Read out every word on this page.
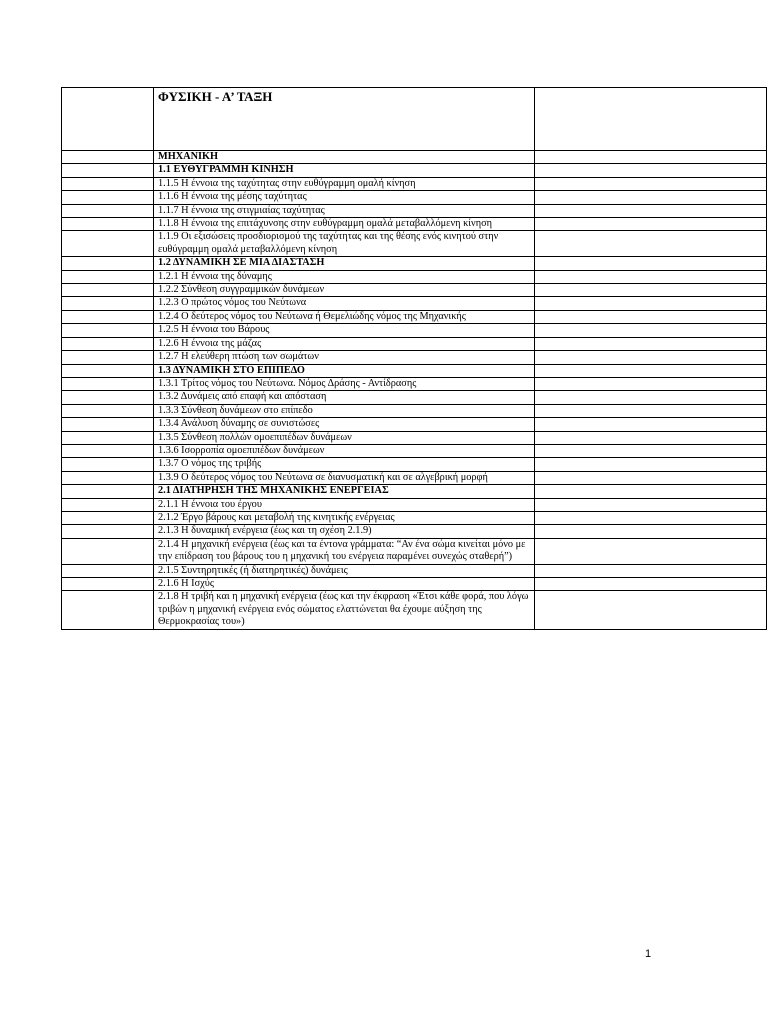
	ΦΥΣΙΚΗ - Α’ ΤΑΞΗ	
	ΜΗΧΑΝΙΚΗ	
	1.1 ΕΥΘΥΓΡΑΜΜΗ ΚΙΝΗΣΗ	
	1.1.5 Η έννοια της ταχύτητας στην ευθύγραμμη ομαλή κίνηση	
	1.1.6 Η έννοια της μέσης ταχύτητας	
	1.1.7 Η έννοια της στιγμιαίας ταχύτητας	
	1.1.8 Η έννοια της επιτάχυνσης στην ευθύγραμμη ομαλά μεταβαλλόμενη κίνηση	
	1.1.9 Οι εξισώσεις προσδιορισμού της ταχύτητας και της θέσης ενός κινητού στην ευθύγραμμη ομαλά μεταβαλλόμενη κίνηση	
	1.2 ΔΥΝΑΜΙΚΗ ΣΕ ΜΙΑ ΔΙΑΣΤΑΣΗ	
	1.2.1 Η έννοια της δύναμης	
	1.2.2 Σύνθεση συγγραμμικών δυνάμεων	
	1.2.3 Ο πρώτος νόμος του Νεύτωνα	
	1.2.4 Ο δεύτερος νόμος του Νεύτωνα ή Θεμελιώδης νόμος της Μηχανικής	
	1.2.5 Η έννοια του Βάρους	
	1.2.6 Η έννοια της μάζας	
	1.2.7 Η ελεύθερη πτώση των σωμάτων	
	1.3 ΔΥΝΑΜΙΚΗ ΣΤΟ ΕΠΙΠΕΔΟ	
	1.3.1 Τρίτος νόμος του Νεύτωνα. Νόμος Δράσης - Αντίδρασης	
	1.3.2 Δυνάμεις από επαφή και απόσταση	
	1.3.3 Σύνθεση δυνάμεων στο επίπεδο	
	1.3.4 Ανάλυση δύναμης σε συνιστώσες	
	1.3.5 Σύνθεση πολλών ομοεπιπέδων δυνάμεων	
	1.3.6 Ισορροπία ομοεπιπέδων δυνάμεων	
	1.3.7 Ο νόμος της τριβής	
	1.3.9 Ο δεύτερος νόμος του Νεύτωνα σε διανυσματική και σε αλγεβρική μορφή	
	2.1 ΔΙΑΤΗΡΗΣΗ ΤΗΣ ΜΗΧΑΝΙΚΗΣ ΕΝΕΡΓΕΙΑΣ	
	2.1.1 Η έννοια του έργου	
	2.1.2 Έργο βάρους και μεταβολή της κινητικής ενέργειας	
	2.1.3 Η δυναμική ενέργεια (έως και τη σχέση 2.1.9)	
	2.1.4 Η μηχανική ενέργεια (έως και τα έντονα γράμματα: “Αν ένα σώμα κινείται μόνο με την επίδραση του βάρους του η μηχανική του ενέργεια παραμένει συνεχώς σταθερή”)	
	2.1.5 Συντηρητικές (ή διατηρητικές) δυνάμεις	
	2.1.6 Η Ισχύς	
	2.1.8 Η τριβή και η μηχανική ενέργεια (έως και την έκφραση «Έτσι κάθε φορά, που λόγω τριβών η μηχανική ενέργεια ενός σώματος ελαττώνεται θα έχουμε αύξηση της Θερμοκρασίας του»)	
1
